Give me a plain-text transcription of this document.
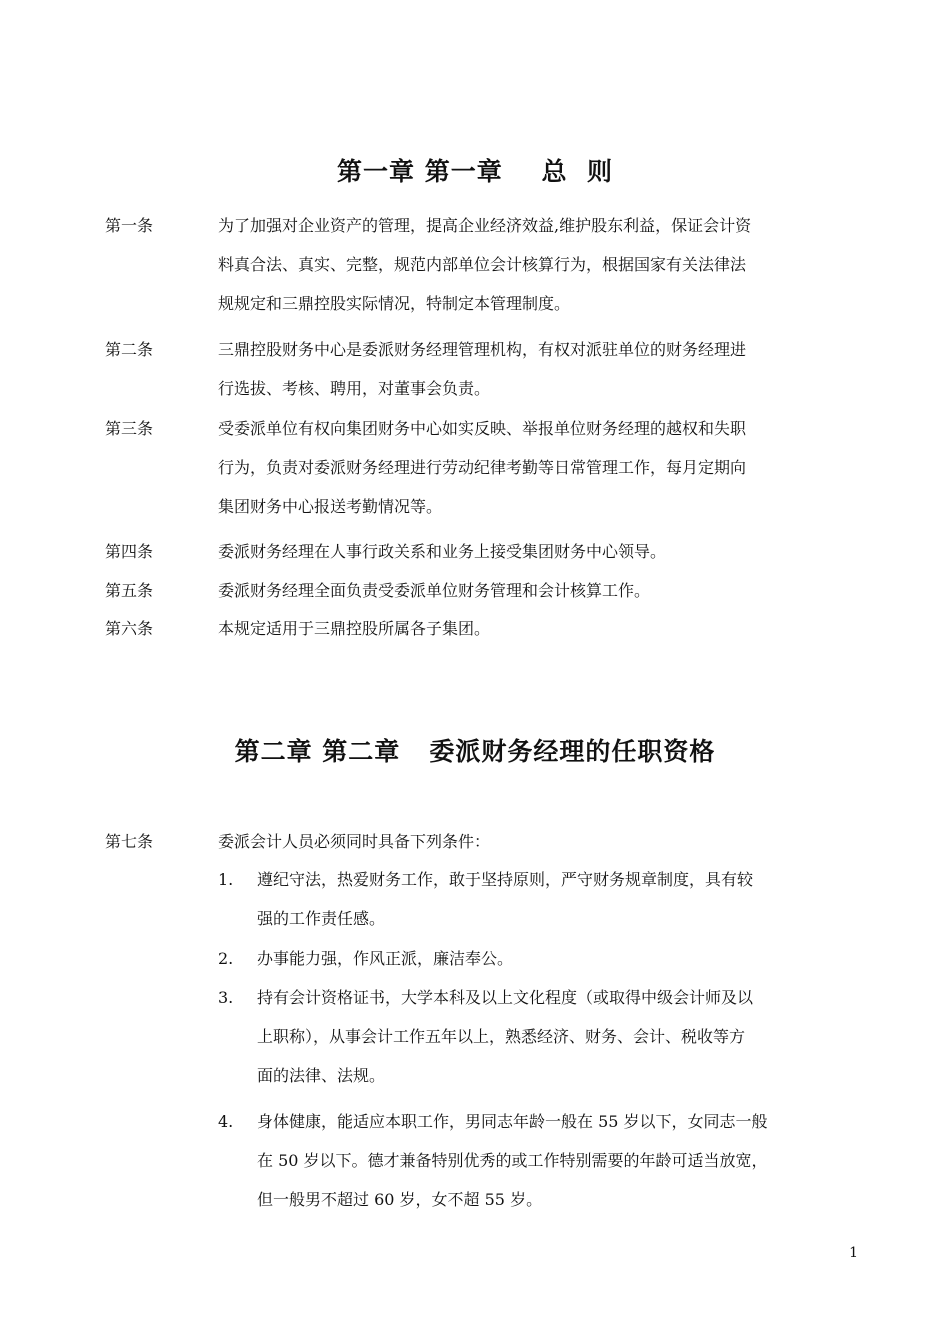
第一章 第一章    总  则
第一条	为了加强对企业资产的管理，提高企业经济效益,维护股东利益，保证会计资
料真合法、真实、完整，规范内部单位会计核算行为，根据国家有关法律法
规规定和三鼎控股实际情况，特制定本管理制度。
第二条	三鼎控股财务中心是委派财务经理管理机构，有权对派驻单位的财务经理进
行选拔、考核、聘用，对董事会负责。
第三条	受委派单位有权向集团财务中心如实反映、举报单位财务经理的越权和失职
行为，负责对委派财务经理进行劳动纪律考勤等日常管理工作，每月定期向
集团财务中心报送考勤情况等。
第四条	委派财务经理在人事行政关系和业务上接受集团财务中心领导。
第五条	委派财务经理全面负责受委派单位财务管理和会计核算工作。
第六条	本规定适用于三鼎控股所属各子集团。
第二章 第二章   委派财务经理的任职资格
第七条	委派会计人员必须同时具备下列条件：
1. 遵纪守法，热爱财务工作，敢于坚持原则，严守财务规章制度，具有较
强的工作责任感。
2. 办事能力强，作风正派，廉洁奉公。
3. 持有会计资格证书，大学本科及以上文化程度（或取得中级会计师及以
上职称），从事会计工作五年以上，熟悉经济、财务、会计、税收等方
面的法律、法规。
4. 身体健康，能适应本职工作，男同志年龄一般在 55 岁以下，女同志一般
在 50 岁以下。德才兼备特别优秀的或工作特别需要的年龄可适当放宽，
但一般男不超过 60 岁，女不超 55 岁。
1
